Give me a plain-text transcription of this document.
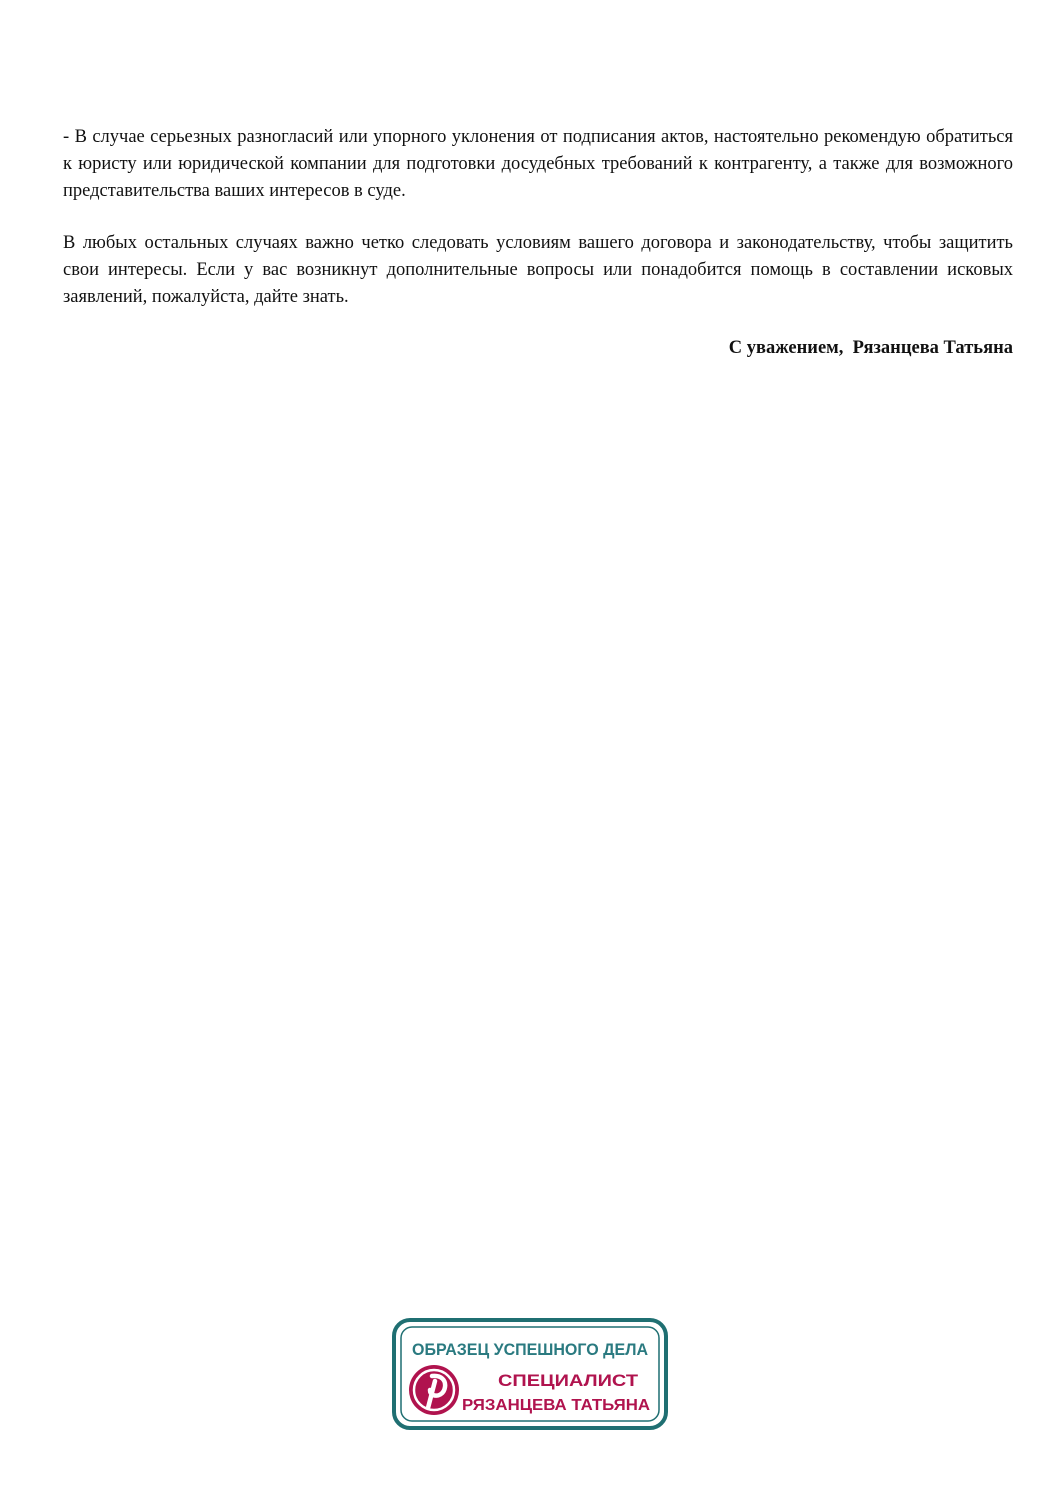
- В случае серьезных разногласий или упорного уклонения от подписания актов, настоятельно рекомендую обратиться к юристу или юридической компании для подготовки досудебных требований к контрагенту, а также для возможного представительства ваших интересов в суде.
В любых остальных случаях важно четко следовать условиям вашего договора и законодательству, чтобы защитить свои интересы. Если у вас возникнут дополнительные вопросы или понадобится помощь в составлении исковых заявлений, пожалуйста, дайте знать.
С уважением,  Рязанцева Татьяна
ОБРАЗЕЦ УСПЕШНОГО ДЕЛА
СПЕЦИАЛИСТ
РЯЗАНЦЕВА ТАТЬЯНА
